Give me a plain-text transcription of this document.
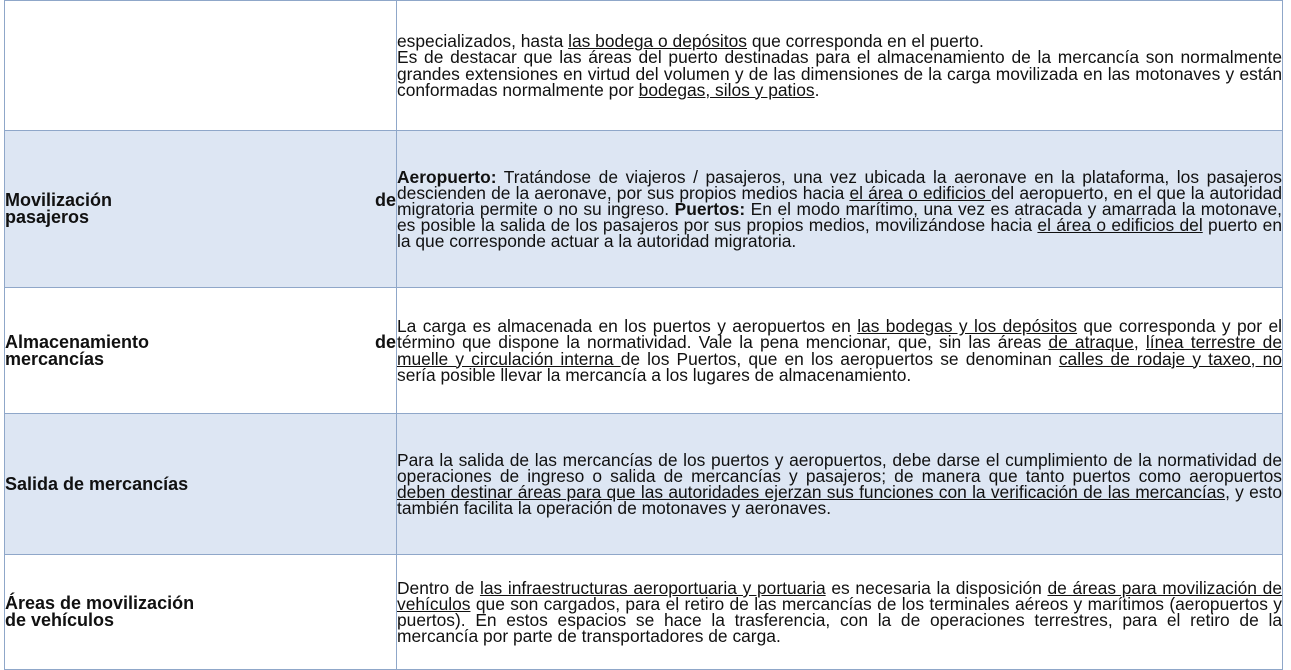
	especializados, hasta las bodega o depósitos que corresponda en el puerto.

Es de destacar que las áreas del puerto destinadas para el almacenamiento de la mercancía son normalmente grandes extensiones en virtud del volumen y de las dimensiones de la carga movilizada en las motonaves y están conformadas normalmente por bodegas, silos y patios.

Movilización de
pasajeros	Aeropuerto: Tratándose de viajeros / pasajeros, una vez ubicada la aeronave en la plataforma, los pasajeros descienden de la aeronave, por sus propios medios hacia el área o edificios del aeropuerto, en el que la autoridad migratoria permite o no su ingreso. Puertos: En el modo marítimo, una vez es atracada y amarrada la motonave, es posible la salida de los pasajeros por sus propios medios, movilizándose hacia el área o edificios del puerto en la que corresponde actuar a la autoridad migratoria.

Almacenamiento de
mercancías	La carga es almacenada en los puertos y aeropuertos en las bodegas y los depósitos que corresponda y por el término que dispone la normatividad. Vale la pena mencionar, que, sin las áreas de atraque, línea terrestre de muelle y circulación interna de los Puertos, que en los aeropuertos se denominan calles de rodaje y taxeo, no sería posible llevar la mercancía a los lugares de almacenamiento.

Salida de mercancías	Para la salida de las mercancías de los puertos y aeropuertos, debe darse el cumplimiento de la normatividad de operaciones de ingreso o salida de mercancías y pasajeros; de manera que tanto puertos como aeropuertos deben destinar áreas para que las autoridades ejerzan sus funciones con la verificación de las mercancías, y esto también facilita la operación de motonaves y aeronaves.

Áreas de movilización
de vehículos	Dentro de las infraestructuras aeroportuaria y portuaria es necesaria la disposición de áreas para movilización de vehículos que son cargados, para el retiro de las mercancías de los terminales aéreos y marítimos (aeropuertos y puertos). En estos espacios se hace la trasferencia, con la de operaciones terrestres, para el retiro de la mercancía por parte de transportadores de carga.
